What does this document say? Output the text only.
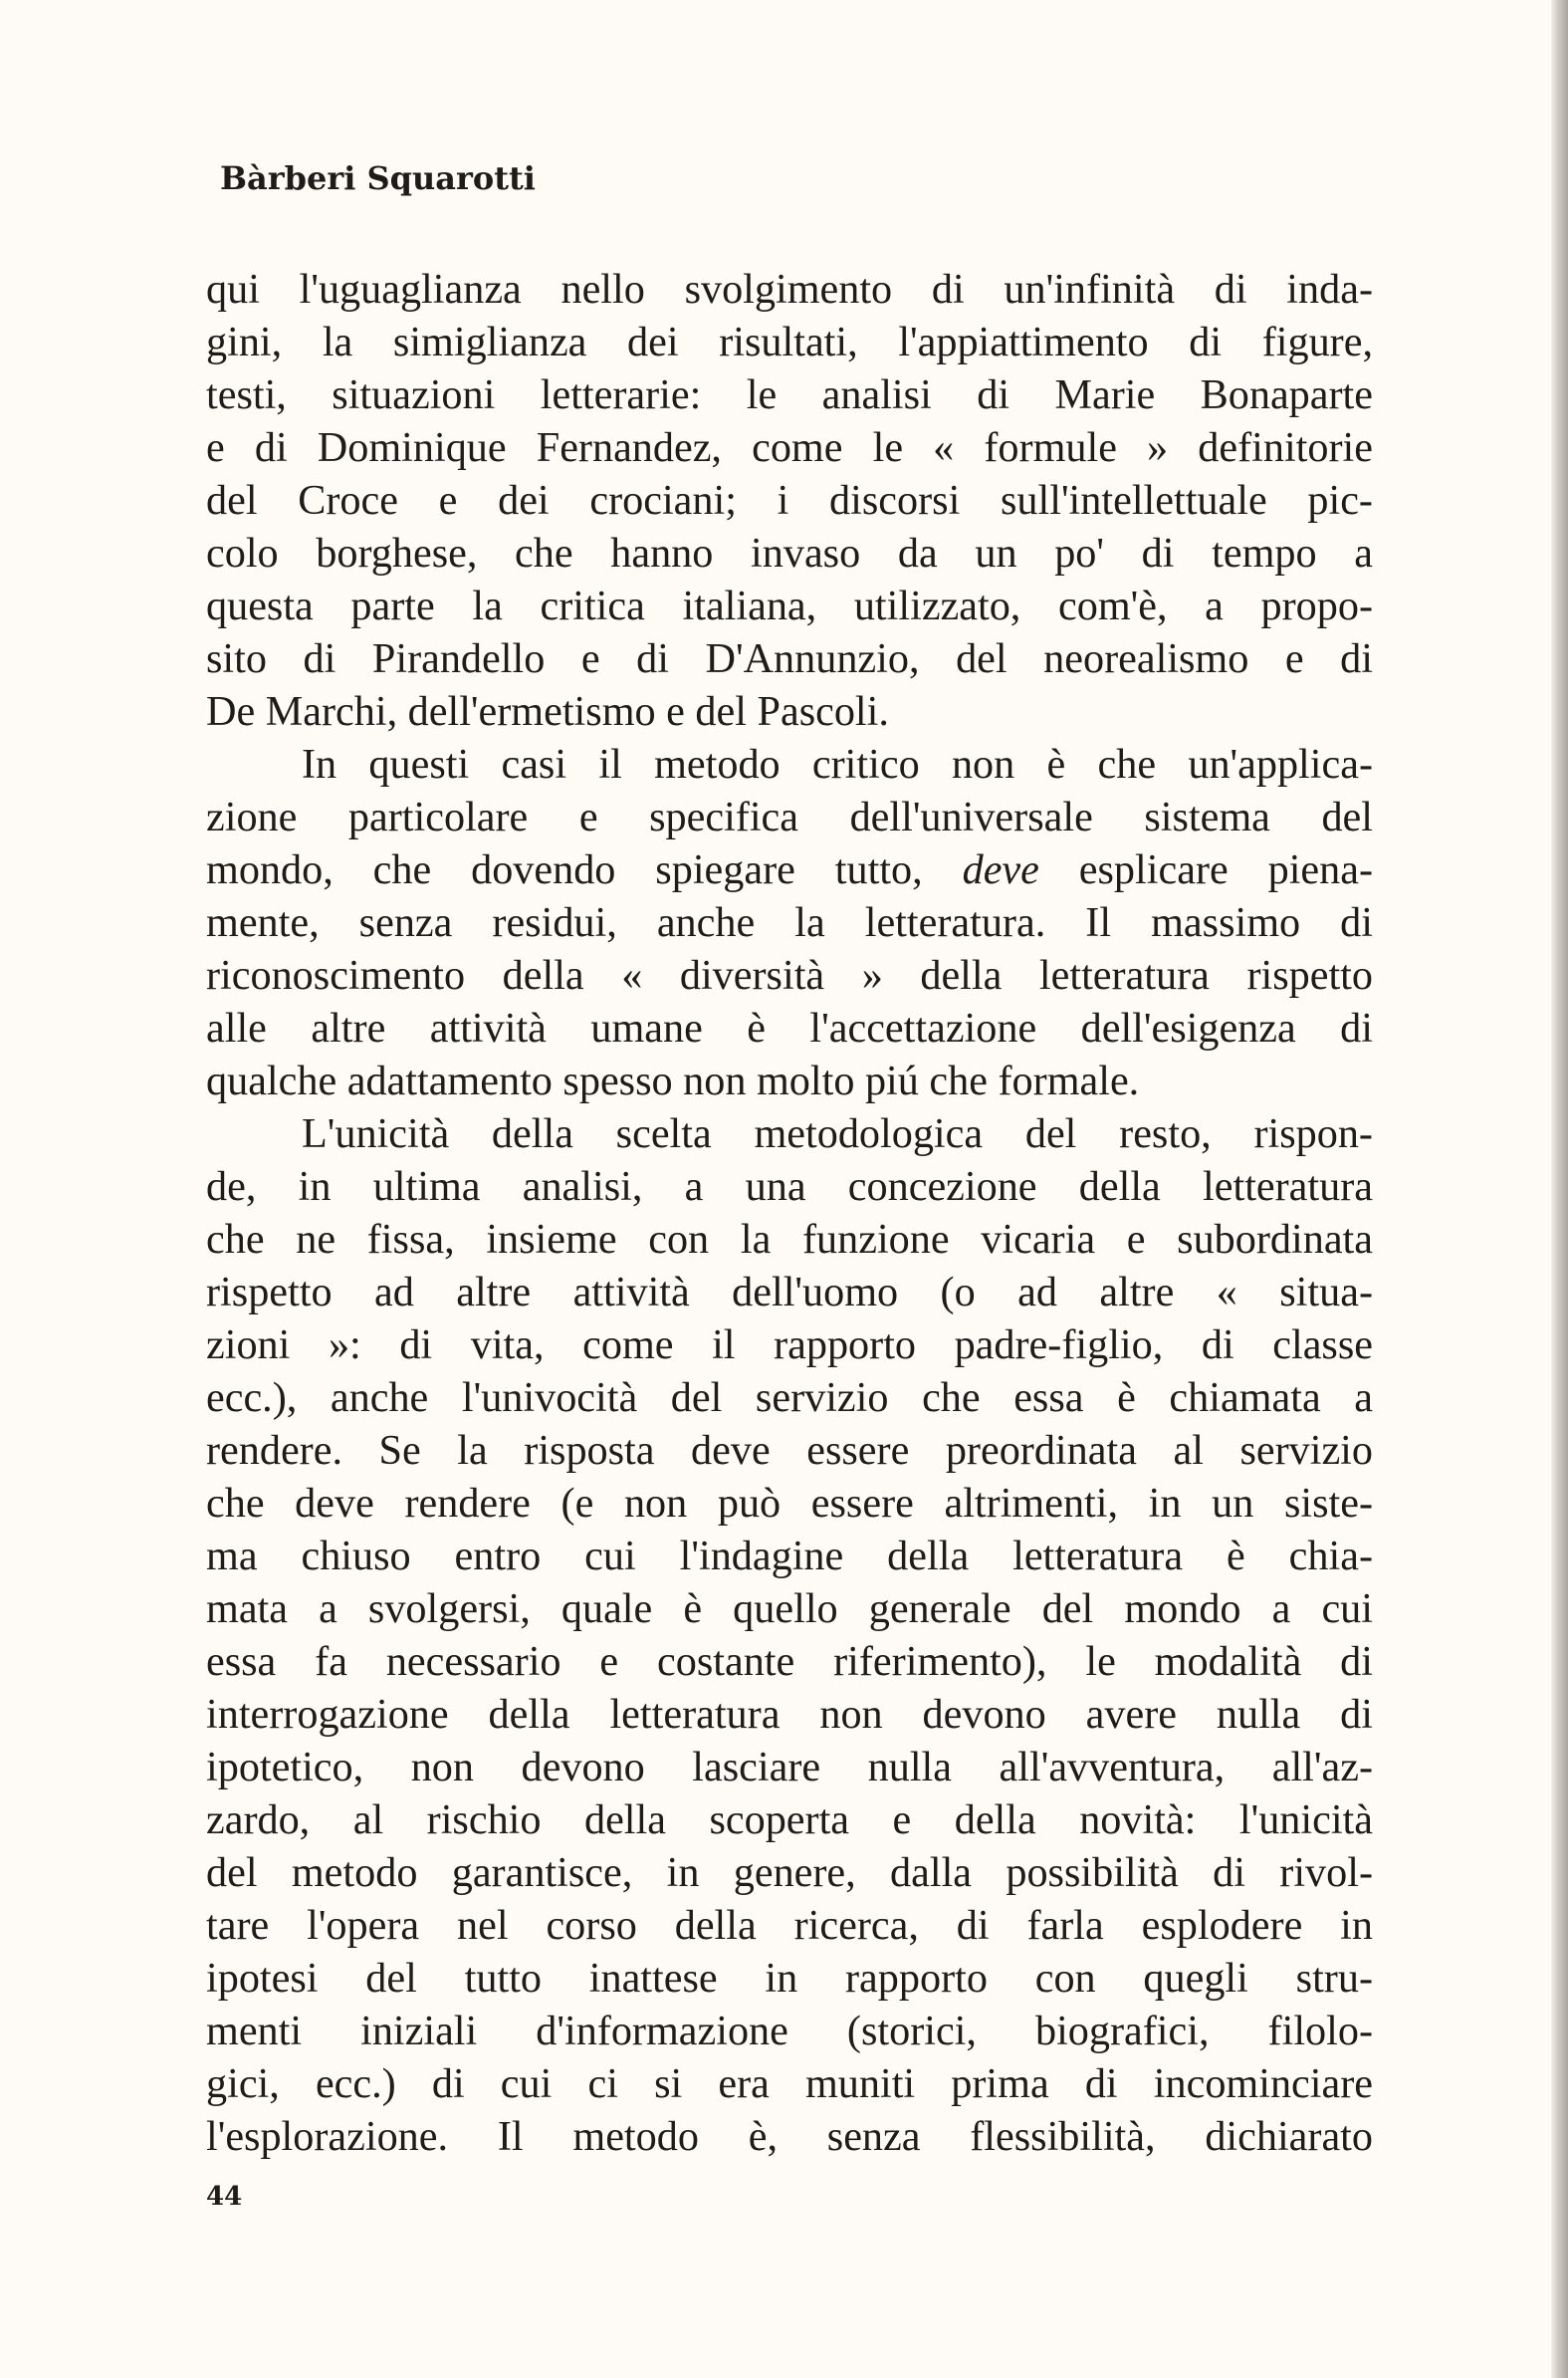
Bàrberi Squarotti

qui l'uguaglianza nello svolgimento di un'infinità di inda-
gini, la simiglianza dei risultati, l'appiattimento di figure,
testi, situazioni letterarie: le analisi di Marie Bonaparte
e di Dominique Fernandez, come le « formule » definitorie
del Croce e dei crociani; i discorsi sull'intellettuale pic-
colo borghese, che hanno invaso da un po' di tempo a
questa parte la critica italiana, utilizzato, com'è, a propo-
sito di Pirandello e di D'Annunzio, del neorealismo e di
De Marchi, dell'ermetismo e del Pascoli.

In questi casi il metodo critico non è che un'applica-
zione particolare e specifica dell'universale sistema del
mondo, che dovendo spiegare tutto, deve esplicare piena-
mente, senza residui, anche la letteratura. Il massimo di
riconoscimento della « diversità » della letteratura rispetto
alle altre attività umane è l'accettazione dell'esigenza di
qualche adattamento spesso non molto piú che formale.

L'unicità della scelta metodologica del resto, rispon-
de, in ultima analisi, a una concezione della letteratura
che ne fissa, insieme con la funzione vicaria e subordinata
rispetto ad altre attività dell'uomo (o ad altre « situa-
zioni »: di vita, come il rapporto padre-figlio, di classe
ecc.), anche l'univocità del servizio che essa è chiamata a
rendere. Se la risposta deve essere preordinata al servizio
che deve rendere (e non può essere altrimenti, in un siste-
ma chiuso entro cui l'indagine della letteratura è chia-
mata a svolgersi, quale è quello generale del mondo a cui
essa fa necessario e costante riferimento), le modalità di
interrogazione della letteratura non devono avere nulla di
ipotetico, non devono lasciare nulla all'avventura, all'az-
zardo, al rischio della scoperta e della novità: l'unicità
del metodo garantisce, in genere, dalla possibilità di rivol-
tare l'opera nel corso della ricerca, di farla esplodere in
ipotesi del tutto inattese in rapporto con quegli stru-
menti iniziali d'informazione (storici, biografici, filolo-
gici, ecc.) di cui ci si era muniti prima di incominciare
l'esplorazione. Il metodo è, senza flessibilità, dichiarato

44
